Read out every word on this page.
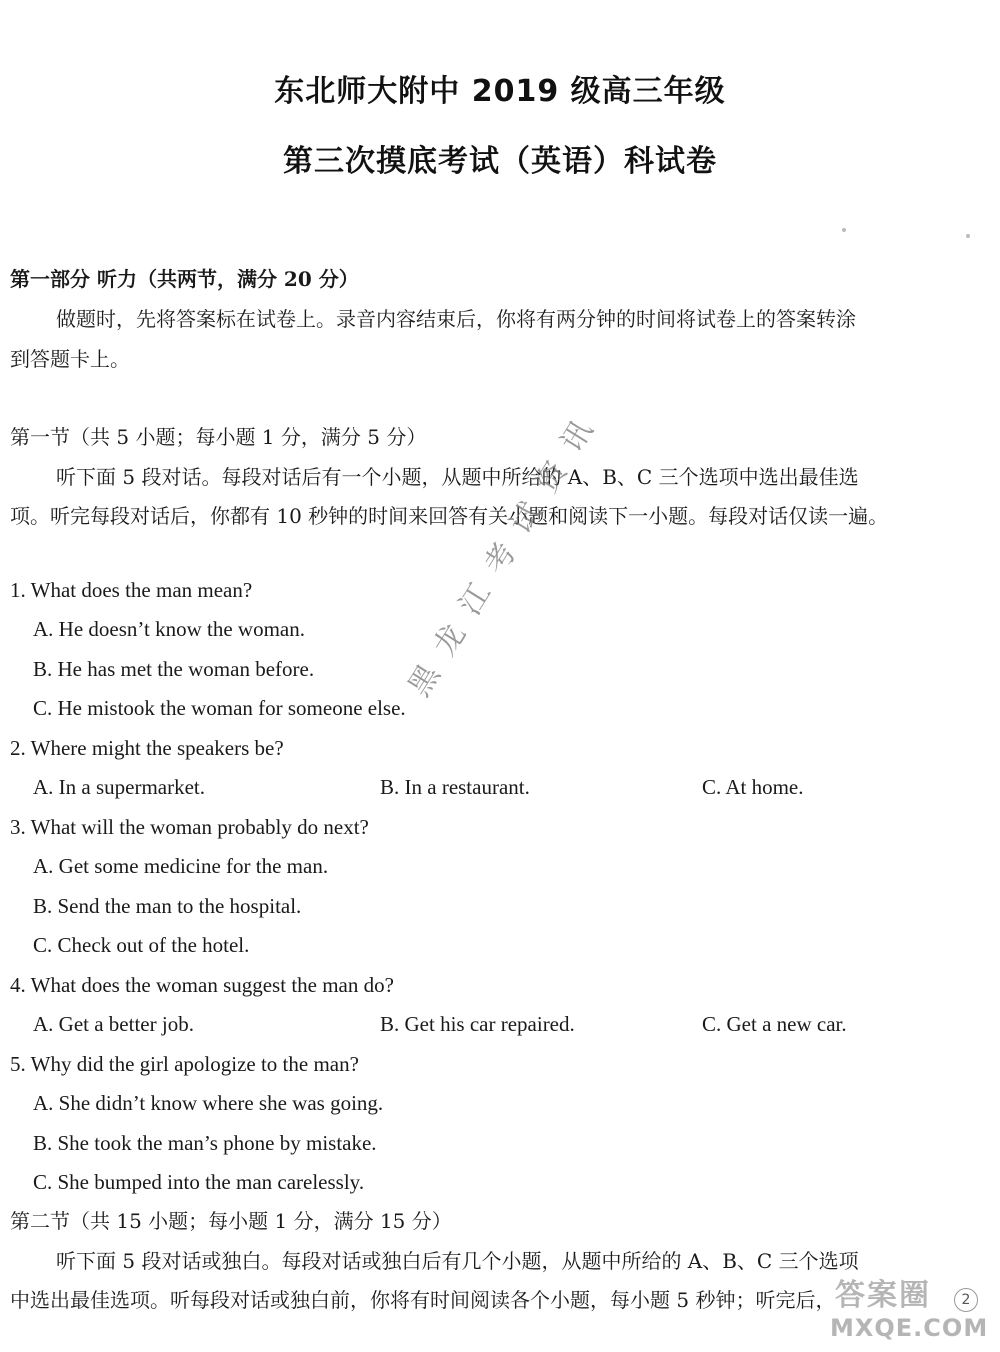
东北师大附中 2019 级高三年级
第三次摸底考试（英语）科试卷
第一部分 听力（共两节，满分 20 分）
做题时，先将答案标在试卷上。录音内容结束后，你将有两分钟的时间将试卷上的答案转涂
到答题卡上。
第一节（共 5 小题；每小题 1 分，满分 5 分）
听下面 5 段对话。每段对话后有一个小题，从题中所给的 A、B、C 三个选项中选出最佳选
项。听完每段对话后，你都有 10 秒钟的时间来回答有关小题和阅读下一小题。每段对话仅读一遍。
1. What does the man mean?
A. He doesn’t know the woman.
B. He has met the woman before.
C. He mistook the woman for someone else.
2. Where might the speakers be?
A. In a supermarket.	B. In a restaurant.	C. At home.
3. What will the woman probably do next?
A. Get some medicine for the man.
B. Send the man to the hospital.
C. Check out of the hotel.
4. What does the woman suggest the man do?
A. Get a better job.	B. Get his car repaired.	C. Get a new car.
5. Why did the girl apologize to the man?
A. She didn’t know where she was going.
B. She took the man’s phone by mistake.
C. She bumped into the man carelessly.
第二节（共 15 小题；每小题 1 分，满分 15 分）
听下面 5 段对话或独白。每段对话或独白后有几个小题，从题中所给的 A、B、C 三个选项
中选出最佳选项。听每段对话或独白前，你将有时间阅读各个小题，每小题 5 秒钟；听完后，
黑龙江考试资讯
答案圈
MXQE.COM
2
